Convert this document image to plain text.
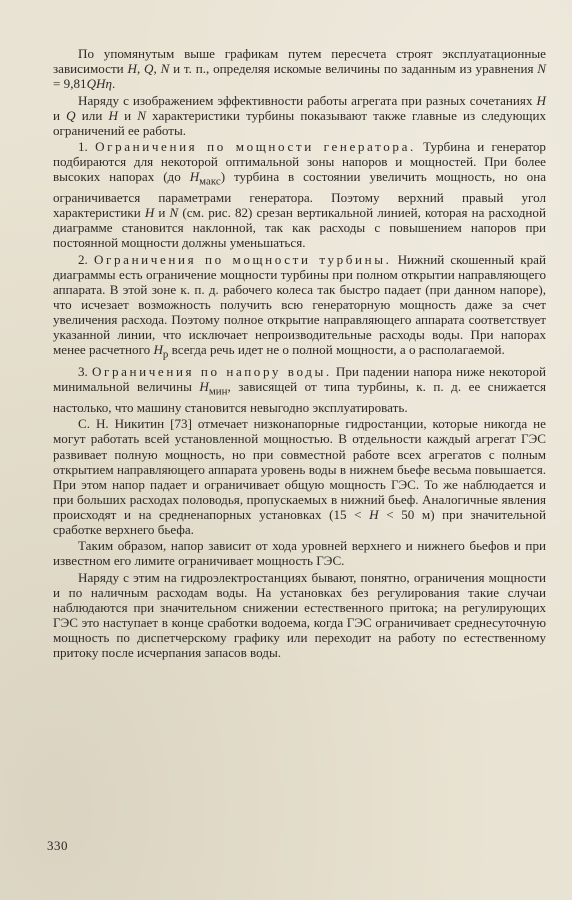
По упомянутым выше графикам путем пересчета строят эксплуатационные зависимости H, Q, N и т. п., определяя искомые величины по заданным из уравнения N = 9,81QHη.

Наряду с изображением эффективности работы агрегата при разных сочетаниях H и Q или H и N характеристики турбины показывают также главные из следующих ограничений ее работы.

1. Ограничения по мощности генератора. Турбина и генератор подбираются для некоторой оптимальной зоны напоров и мощностей. При более высоких напорах (до $H_{макс}$) турбина в состоянии увеличить мощность, но она ограничивается параметрами генератора. Поэтому верхний правый угол характеристики H и N (см. рис. 82) срезан вертикальной линией, которая на расходной диаграмме становится наклонной, так как расходы с повышением напоров при постоянной мощности должны уменьшаться.

2. Ограничения по мощности турбины. Нижний скошенный край диаграммы есть ограничение мощности турбины при полном открытии направляющего аппарата. В этой зоне к. п. д. рабочего колеса так быстро падает (при данном напоре), что исчезает возможность получить всю генераторную мощность даже за счет увеличения расхода. Поэтому полное открытие направляющего аппарата соответствует указанной линии, что исключает непроизводительные расходы воды. При напорах менее расчетного $H_р$ всегда речь идет не о полной мощности, а о располагаемой.

3. Ограничения по напору воды. При падении напора ниже некоторой минимальной величины $H_{мин}$, зависящей от типа турбины, к. п. д. ее снижается настолько, что машину становится невыгодно эксплуатировать.

С. Н. Никитин [73] отмечает низконапорные гидростанции, которые никогда не могут работать всей установленной мощностью. В отдельности каждый агрегат ГЭС развивает полную мощность, но при совместной работе всех агрегатов с полным открытием направляющего аппарата уровень воды в нижнем бьефе весьма повышается. При этом напор падает и ограничивает общую мощность ГЭС. То же наблюдается и при больших расходах половодья, пропускаемых в нижний бьеф. Аналогичные явления происходят и на средненапорных установках (15 < H < 50 м) при значительной сработке верхнего бьефа.

Таким образом, напор зависит от хода уровней верхнего и нижнего бьефов и при известном его лимите ограничивает мощность ГЭС.

Наряду с этим на гидроэлектростанциях бывают, понятно, ограничения мощности и по наличным расходам воды. На установках без регулирования такие случаи наблюдаются при значительном снижении естественного притока; на регулирующих ГЭС это наступает в конце сработки водоема, когда ГЭС ограничивает среднесуточную мощность по диспетчерскому графику или переходит на работу по естественному притоку после исчерпания запасов воды.

330
